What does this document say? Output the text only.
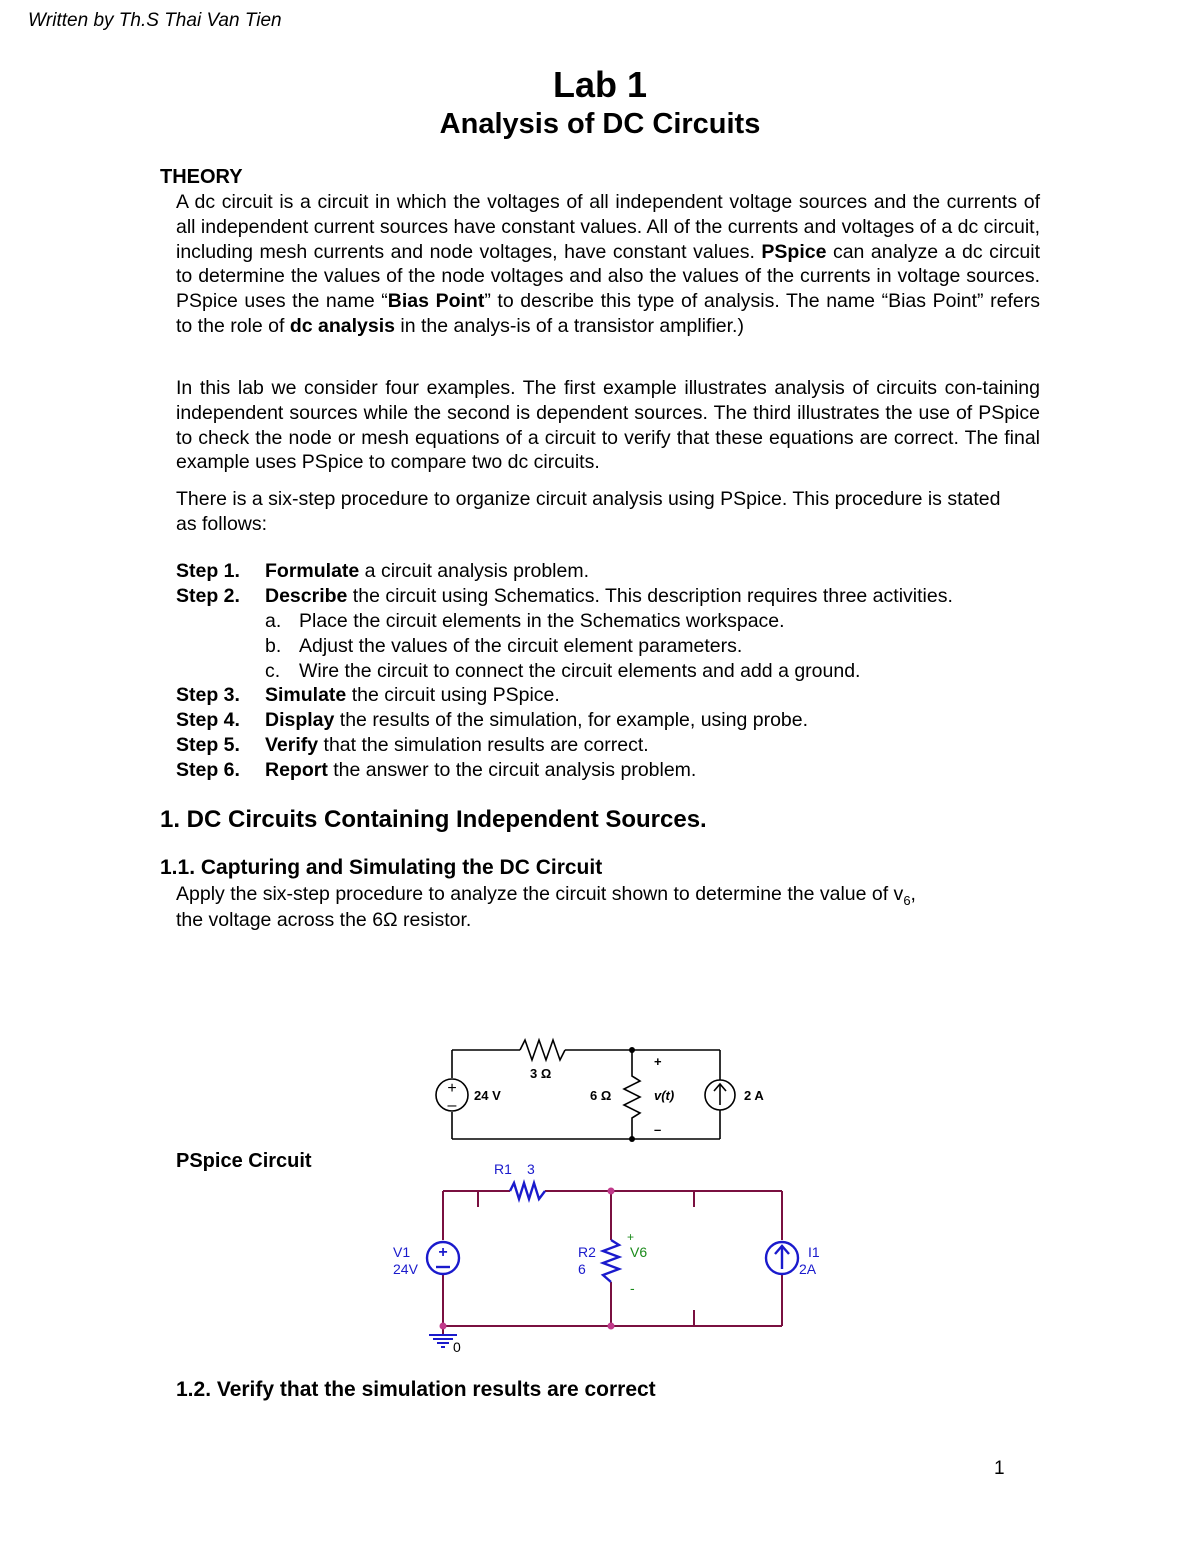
Written by Th.S Thai Van Tien
Lab 1
Analysis of DC Circuits
THEORY

A dc circuit is a circuit in which the voltages of all independent voltage sources and the currents of all independent current sources have constant values. All of the currents and voltages of a dc circuit, including mesh currents and node voltages, have constant values. PSpice can analyze a dc circuit to determine the values of the node voltages and also the values of the currents in voltage sources. PSpice uses the name “Bias Point” to describe this type of analysis. The name “Bias Point” refers to the role of dc analysis in the analys-is of a transistor amplifier.)

In this lab we consider four examples. The first example illustrates analysis of circuits con-taining independent sources while the second is dependent sources. The third illustrates the use of PSpice to check the node or mesh equations of a circuit to verify that these equations are correct. The final example uses PSpice to compare two dc circuits.

There is a six-step procedure to organize circuit analysis using PSpice. This procedure is stated as follows:

Step 1. Formulate a circuit analysis problem.
Step 2. Describe the circuit using Schematics. This description requires three activities.
a. Place the circuit elements in the Schematics workspace.
b. Adjust the values of the circuit element parameters.
c. Wire the circuit to connect the circuit elements and add a ground.
Step 3. Simulate the circuit using PSpice.
Step 4. Display the results of the simulation, for example, using probe.
Step 5. Verify that the simulation results are correct.
Step 6. Report the answer to the circuit analysis problem.
1. DC Circuits Containing Independent Sources.
1.1. Capturing and Simulating the DC Circuit
Apply the six-step procedure to analyze the circuit shown to determine the value of $v_6$,
the voltage across the 6Ω resistor.
+
–
3 Ω
6 Ω
24 V	2 A
v(t)
+
–
+
R1 3
R2
6
V1
24V
I1
2A
+
V6
-
0
PSpice Circuit
1.2. Verify that the simulation results are correct
1
